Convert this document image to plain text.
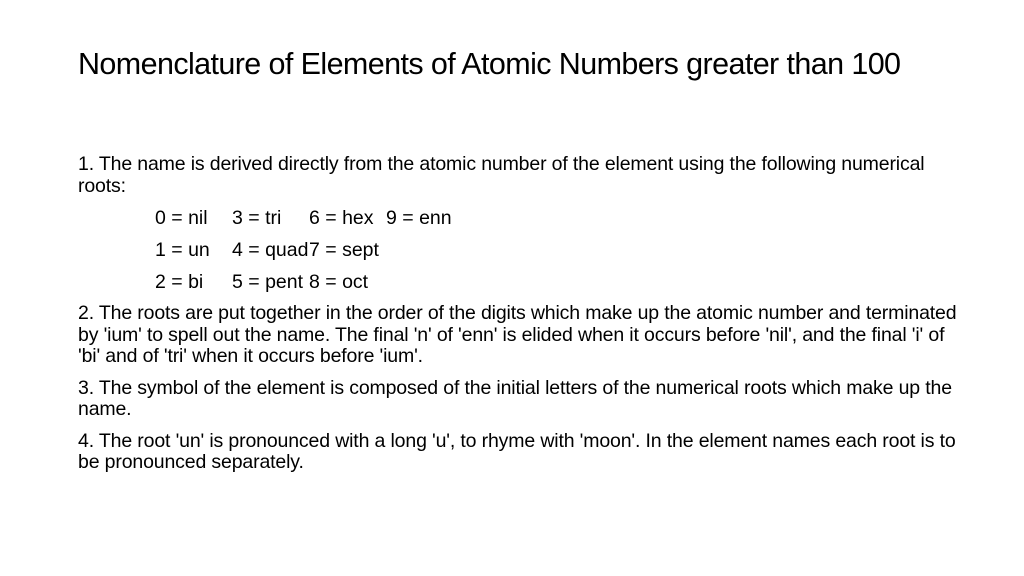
Nomenclature of Elements of Atomic Numbers greater than 100
1. The name is derived directly from the atomic number of the element using the following numerical roots:
0 = nil	3 = tri	6 = hex 9 = enn
1 = un	4 = quad 7 = sept
2 = bi	5 = pent 8 = oct
2. The roots are put together in the order of the digits which make up the atomic number and terminated by 'ium' to spell out the name. The final 'n' of 'enn' is elided when it occurs before 'nil', and the final 'i' of 'bi' and of 'tri' when it occurs before 'ium'.
3. The symbol of the element is composed of the initial letters of the numerical roots which make up the name.
4. The root 'un' is pronounced with a long 'u', to rhyme with 'moon'. In the element names each root is to be pronounced separately.
